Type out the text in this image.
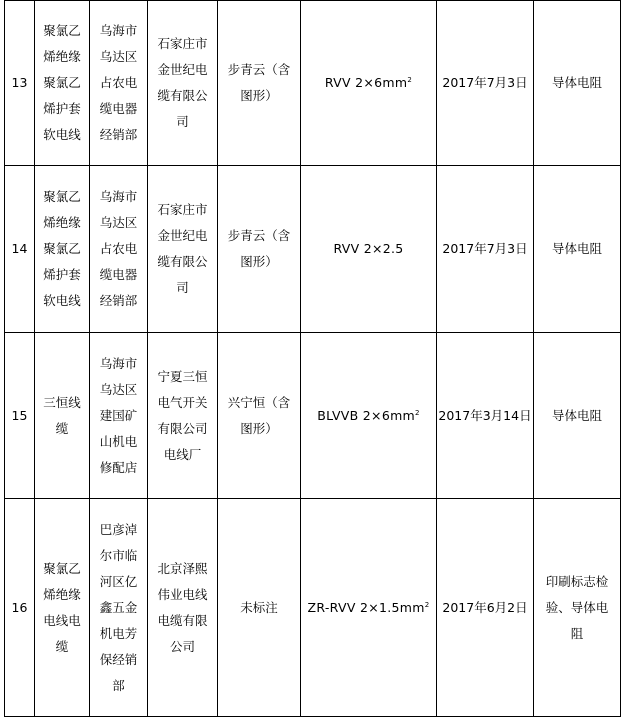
13	聚氯乙烯绝缘聚氯乙烯护套软电线	乌海市乌达区占农电缆电器经销部	石家庄市金世纪电缆有限公司	步青云（含图形）	RVV $2\times 6mm^2$	2017年7月3日	导体电阻
14	聚氯乙烯绝缘聚氯乙烯护套软电线	乌海市乌达区占农电缆电器经销部	石家庄市金世纪电缆有限公司	步青云（含图形）	RVV 2×2.5	2017年7月3日	导体电阻
15	三恒线缆	乌海市乌达区建国矿山机电修配店	宁夏三恒电气开关有限公司电线厂	兴宁恒（含图形）	BLVVB $2\times 6mm^2$	2017年3月14日	导体电阻
16	聚氯乙烯绝缘电线电缆	巴彦淖尔市临河区亿鑫五金机电芳保经销部	北京泽熙伟业电线电缆有限公司	未标注	ZR-RVV $2\times 1.5mm^2$	2017年6月2日	印刷标志检验、导体电阻
